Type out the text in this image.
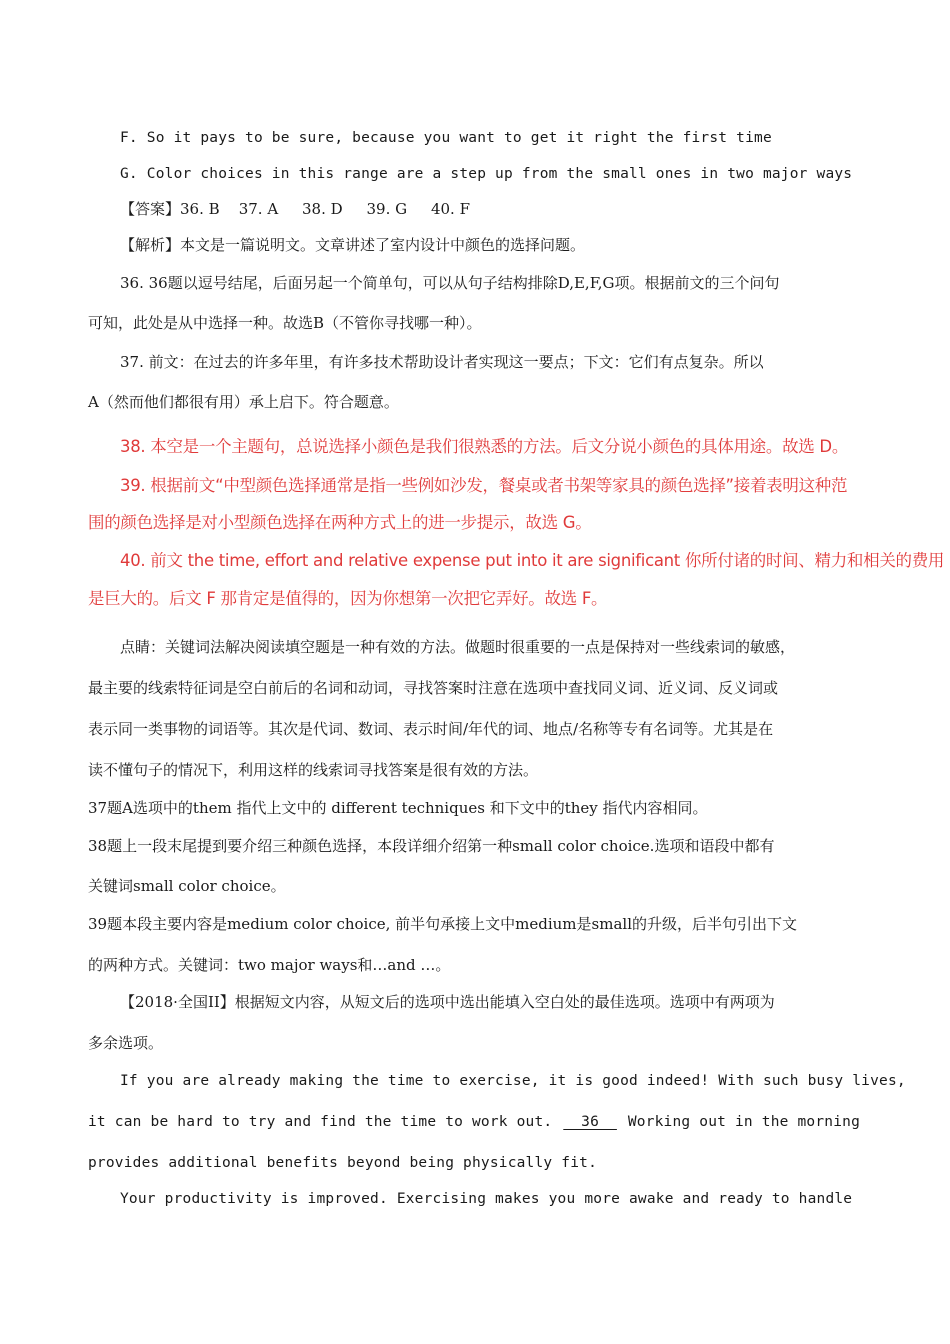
F. So it pays to be sure, because you want to get it right the first time
G. Color choices in this range are a step up from the small ones in two major ways
【答案】36. B    37. A     38. D     39. G     40. F
【解析】本文是一篇说明文。文章讲述了室内设计中颜色的选择问题。
36. 36题以逗号结尾，后面另起一个简单句，可以从句子结构排除D,E,F,G项。根据前文的三个问句
可知，此处是从中选择一种。故选B（不管你寻找哪一种）。
37. 前文：在过去的许多年里，有许多技术帮助设计者实现这一要点；下文：它们有点复杂。所以
A（然而他们都很有用）承上启下。符合题意。
38. 本空是一个主题句，总说选择小颜色是我们很熟悉的方法。后文分说小颜色的具体用途。故选 D。
39. 根据前文“中型颜色选择通常是指一些例如沙发，餐桌或者书架等家具的颜色选择”接着表明这种范
围的颜色选择是对小型颜色选择在两种方式上的进一步提示，故选 G。
40. 前文 the time, effort and relative expense put into it are significant 你所付诸的时间、精力和相关的费用
是巨大的。后文 F 那肯定是值得的，因为你想第一次把它弄好。故选 F。
点睛：关键词法解决阅读填空题是一种有效的方法。做题时很重要的一点是保持对一些线索词的敏感，
最主要的线索特征词是空白前后的名词和动词，寻找答案时注意在选项中查找同义词、近义词、反义词或
表示同一类事物的词语等。其次是代词、数词、表示时间/年代的词、地点/名称等专有名词等。尤其是在
读不懂句子的情况下，利用这样的线索词寻找答案是很有效的方法。
37题A选项中的them 指代上文中的 different techniques 和下文中的they 指代内容相同。
38题上一段末尾提到要介绍三种颜色选择，本段详细介绍第一种small color choice.选项和语段中都有
关键词small color choice。
39题本段主要内容是medium color choice, 前半句承接上文中medium是small的升级，后半句引出下文
的两种方式。关键词：two major ways和…and …。
【2018·全国II】根据短文内容，从短文后的选项中选出能填入空白处的最佳选项。选项中有两项为
多余选项。
If you are already making the time to exercise, it is good indeed! With such busy lives,
it can be hard to try and find the time to work out.   36   Working out in the morning
provides additional benefits beyond being physically fit.
Your productivity is improved. Exercising makes you more awake and ready to handle
